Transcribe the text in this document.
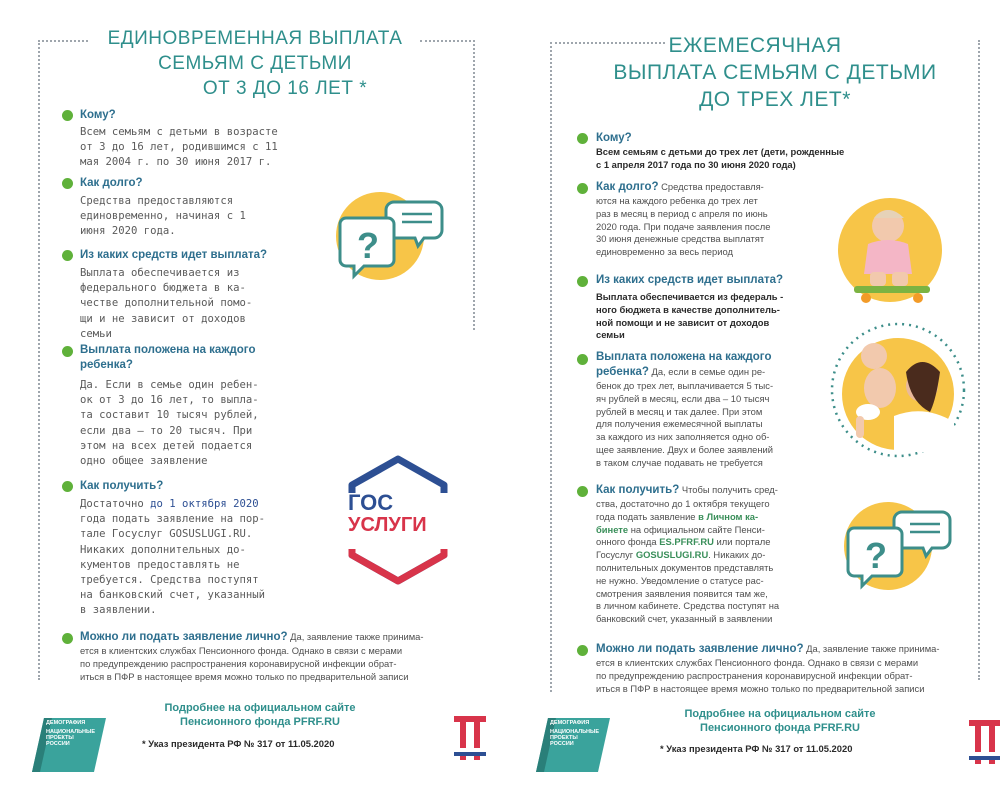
ЕДИНОВРЕМЕННАЯ ВЫПЛАТА
СЕМЬЯМ С ДЕТЬМИ
ОТ 3 ДО 16 ЛЕТ *
Кому?
Всем семьям с детьми в возрасте
от 3 до 16 лет, родившимся с 11
мая 2004 г. по 30 июня 2017 г.
Как долго?
Средства предоставляются
единовременно, начиная с 1
июня 2020 года.
Из каких средств идет выплата?
Выплата обеспечивается из
федерального бюджета в ка-
честве дополнительной помо-
щи и не зависит от доходов
семьи
Выплата положена на каждого
ребенка?
Да. Если в семье один ребен-
ок от 3 до 16 лет, то выпла-
та составит 10 тысяч рублей,
если два – то 20 тысяч. При
этом на всех детей подается
одно общее заявление
Как получить?
Достаточно до 1 октября 2020
года подать заявление на пор-
тале Госуслуг GOSUSLUGI.RU.
Никаких дополнительных до-
кументов предоставлять не
требуется. Средства поступят
на банковский счет, указанный
в заявлении.
Можно ли подать заявление лично? Да, заявление также принима-
ется в клиентских службах Пенсионного фонда. Однако в связи с мерами
по предупреждению распространения коронавирусной инфекции обрат-
иться в ПФР в настоящее время можно только по предварительной записи
?
ГОС
УСЛУГИ
Подробнее на официальном сайте
Пенсионного фонда PFRF.RU
* Указ президента РФ № 317 от 11.05.2020
ДЕМОГРАФИЯ
НАЦИОНАЛЬНЫЕ
ПРОЕКТЫ
РОССИИ
ЕЖЕМЕСЯЧНАЯ
ВЫПЛАТА СЕМЬЯМ С ДЕТЬМИ
ДО ТРЕХ ЛЕТ*
Кому?
Всем семьям с детьми до трех лет (дети, рожденные
с 1 апреля 2017 года по 30 июня 2020 года)
Как долго? Средства предоставля-
ются на каждого ребенка до трех лет
раз в месяц в период с апреля по июнь
2020 года. При подаче заявления после
30 июня денежные средства выплатят
единовременно за весь период
Из каких средств идет выплата?
Выплата обеспечивается из федераль -
ного бюджета в качестве дополнитель-
ной помощи и не зависит от доходов
семьи
Выплата положена на каждого
ребенка? Да, если в семье один ре-
бенок до трех лет, выплачивается 5 тыс-
яч рублей в месяц, если два – 10 тысяч
рублей в месяц и так далее. При этом
для получения ежемесячной выплаты
за каждого из них заполняется одно об-
щее заявление. Двух и более заявлений
в таком случае подавать не требуется
Как получить? Чтобы получить сред-
ства, достаточно до 1 октября текущего
года подать заявление в Личном ка-
бинете на официальном сайте Пенси-
онного фонда ES.PFRF.RU или портале
Госуслуг GOSUSLUGI.RU. Никаких до-
полнительных документов представлять
не нужно. Уведомление о статусе рас-
смотрения заявления появится там же,
в личном кабинете. Средства поступят на
банковский счет, указанный в заявлении
Можно ли подать заявление лично? Да, заявление также принима-
ется в клиентских службах Пенсионного фонда. Однако в связи с мерами
по предупреждению распространения коронавирусной инфекции обрат-
иться в ПФР в настоящее время можно только по предварительной записи
?
Подробнее на официальном сайте
Пенсионного фонда PFRF.RU
* Указ президента РФ № 317 от 11.05.2020
ДЕМОГРАФИЯ
НАЦИОНАЛЬНЫЕ
ПРОЕКТЫ
РОССИИ
